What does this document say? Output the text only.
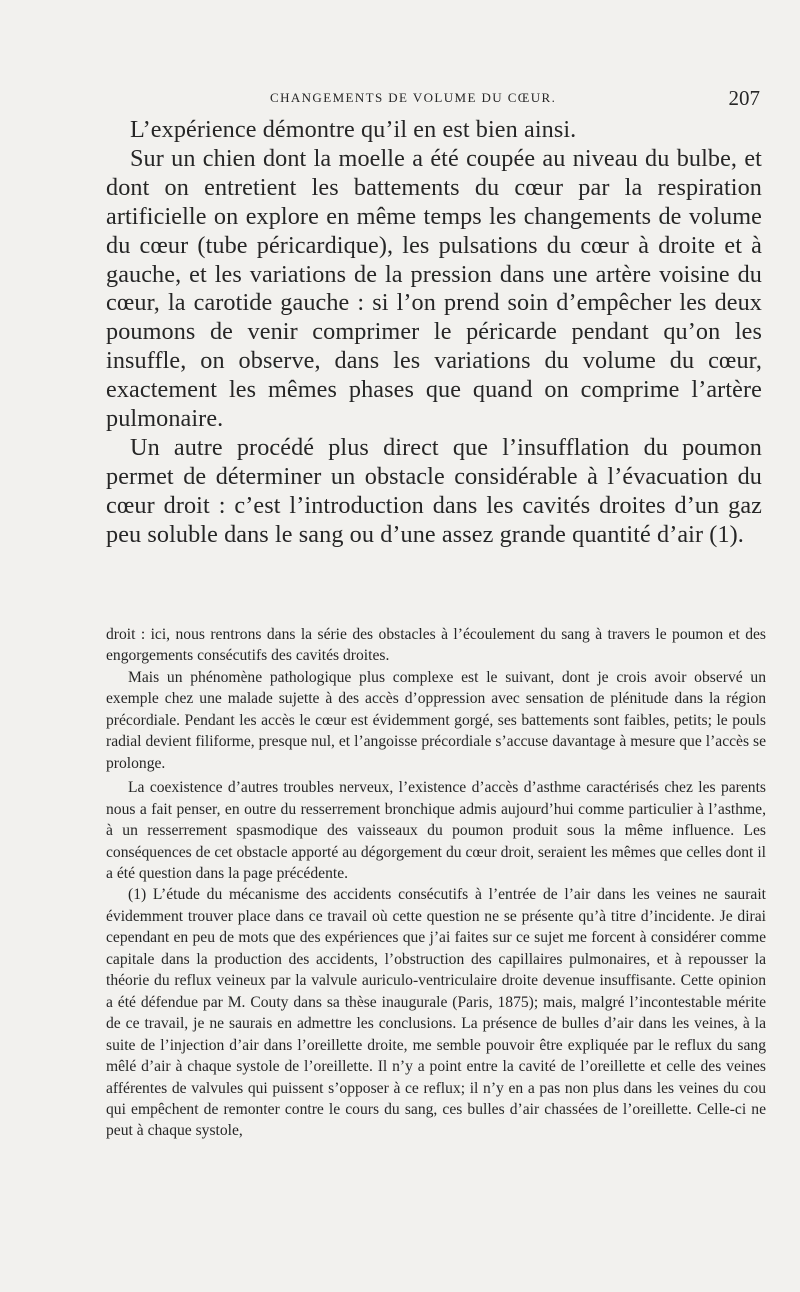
CHANGEMENTS DE VOLUME DU CŒUR.	207

L’expérience démontre qu’il en est bien ainsi.

Sur un chien dont la moelle a été coupée au niveau du bulbe, et dont on entretient les battements du cœur par la respiration artificielle on explore en même temps les changements de volume du cœur (tube péricardique), les pulsations du cœur à droite et à gauche, et les variations de la pression dans une artère voisine du cœur, la carotide gauche : si l’on prend soin d’empêcher les deux poumons de venir comprimer le péricarde pendant qu’on les insuffle, on observe, dans les variations du volume du cœur, exactement les mêmes phases que quand on comprime l’artère pulmonaire.

Un autre procédé plus direct que l’insufflation du poumon permet de déterminer un obstacle considérable à l’évacuation du cœur droit : c’est l’introduction dans les cavités droites d’un gaz peu soluble dans le sang ou d’une assez grande quantité d’air (1).

droit : ici, nous rentrons dans la série des obstacles à l’écoulement du sang à travers le poumon et des engorgements consécutifs des cavités droites.

Mais un phénomène pathologique plus complexe est le suivant, dont je crois avoir observé un exemple chez une malade sujette à des accès d’oppression avec sensation de plénitude dans la région précordiale. Pendant les accès le cœur est évidemment gorgé, ses battements sont faibles, petits; le pouls radial devient filiforme, presque nul, et l’angoisse précordiale s’accuse davantage à mesure que l’accès se prolonge.

La coexistence d’autres troubles nerveux, l’existence d’accès d’asthme caractérisés chez les parents nous a fait penser, en outre du resserrement bronchique admis aujourd’hui comme particulier à l’asthme, à un resserrement spasmodique des vaisseaux du poumon produit sous la même influence. Les conséquences de cet obstacle apporté au dégorgement du cœur droit, seraient les mêmes que celles dont il a été question dans la page précédente.

(1) L’étude du mécanisme des accidents consécutifs à l’entrée de l’air dans les veines ne saurait évidemment trouver place dans ce travail où cette question ne se présente qu’à titre d’incidente. Je dirai cependant en peu de mots que des expériences que j’ai faites sur ce sujet me forcent à considérer comme capitale dans la production des accidents, l’obstruction des capillaires pulmonaires, et à repousser la théorie du reflux veineux par la valvule auriculo-ventriculaire droite devenue insuffisante. Cette opinion a été défendue par M. Couty dans sa thèse inaugurale (Paris, 1875); mais, malgré l’incontestable mérite de ce travail, je ne saurais en admettre les conclusions. La présence de bulles d’air dans les veines, à la suite de l’injection d’air dans l’oreillette droite, me semble pouvoir être expliquée par le reflux du sang mêlé d’air à chaque systole de l’oreillette. Il n’y a point entre la cavité de l’oreillette et celle des veines afférentes de valvules qui puissent s’opposer à ce reflux; il n’y en a pas non plus dans les veines du cou qui empêchent de remonter contre le cours du sang, ces bulles d’air chassées de l’oreillette. Celle-ci ne peut à chaque systole,
